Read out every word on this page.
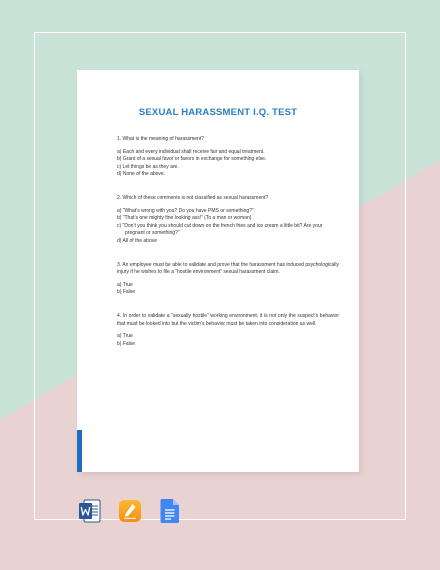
SEXUAL HARASSMENT I.Q. TEST

1. What is the meaning of harassment?

a) Each and every individual shall receive fair and equal treatment.

b) Grant of a sexual favor or favors in exchange for something else.

c) Let things be as they are.

d) None of the above.

2. Which of these comments is not classified as sexual harassment?

a) “What’s wrong with you? Do you have PMS or something?”

b) “That’s one mighty fine looking ass!” (To a man or woman)

c) “Don’t you think you should cut down on the french fries and ice cream a little bit? Are your pregnant or something?”

d) All of the above

3. An employee must be able to validate and prove that the harassment has induced psychologically injury if he wishes to file a “hostile environment” sexual harassment claim.

a) True

b) False

4. In order to validate a “sexually hostile” working environment; it is not only the suspect’s behavior that must be looked into but the victim’s behavior must be taken into consideration as well.

a) True

b) False
